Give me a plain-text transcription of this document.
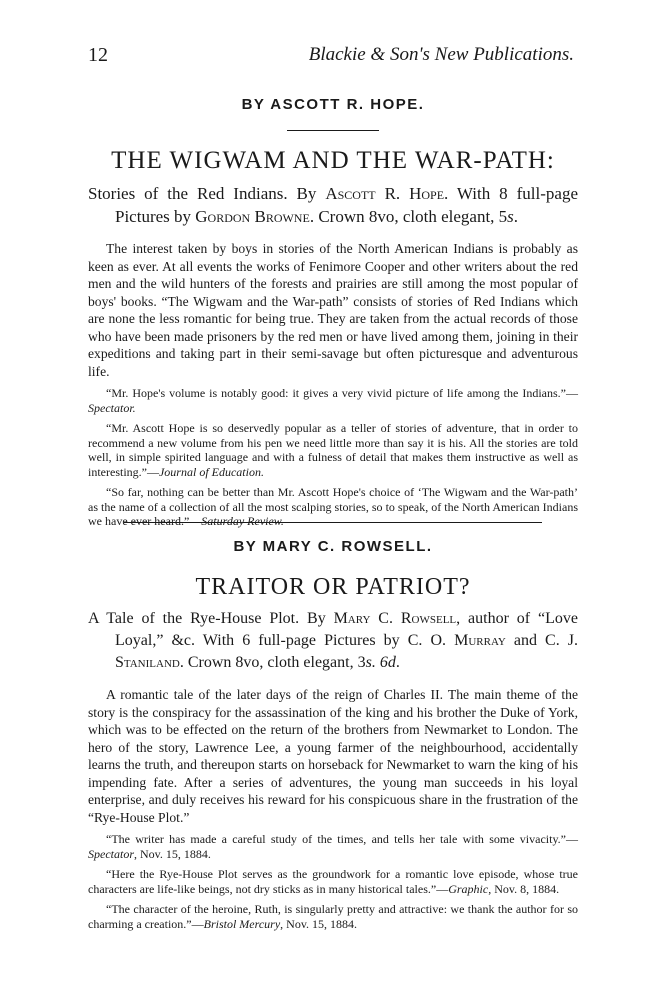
12	Blackie & Son's New Publications.

BY ASCOTT R. HOPE.

THE WIGWAM AND THE WAR-PATH:

Stories of the Red Indians. By Ascott R. Hope. With 8 full-page Pictures by Gordon Browne. Crown 8vo, cloth elegant, 5s.

The interest taken by boys in stories of the North American Indians is probably as keen as ever. At all events the works of Fenimore Cooper and other writers about the red men and the wild hunters of the forests and prairies are still among the most popular of boys' books. “The Wigwam and the War-path” consists of stories of Red Indians which are none the less romantic for being true. They are taken from the actual records of those who have been made prisoners by the red men or have lived among them, joining in their expeditions and taking part in their semi-savage but often picturesque and adventurous life.

“Mr. Hope's volume is notably good: it gives a very vivid picture of life among the Indians.”—Spectator.

“Mr. Ascott Hope is so deservedly popular as a teller of stories of adventure, that in order to recommend a new volume from his pen we need little more than say it is his. All the stories are told well, in simple spirited language and with a fulness of detail that makes them instructive as well as interesting.”—Journal of Education.

“So far, nothing can be better than Mr. Ascott Hope's choice of ‘The Wigwam and the War-path’ as the name of a collection of all the most scalping stories, so to speak, of the North American Indians we have ever heard.”—Saturday Review.

BY MARY C. ROWSELL.

TRAITOR OR PATRIOT?

A Tale of the Rye-House Plot. By Mary C. Rowsell, author of “Love Loyal,” &c. With 6 full-page Pictures by C. O. Murray and C. J. Staniland. Crown 8vo, cloth elegant, 3s. 6d.

A romantic tale of the later days of the reign of Charles II. The main theme of the story is the conspiracy for the assassination of the king and his brother the Duke of York, which was to be effected on the return of the brothers from Newmarket to London. The hero of the story, Lawrence Lee, a young farmer of the neighbourhood, accidentally learns the truth, and thereupon starts on horseback for Newmarket to warn the king of his impending fate. After a series of adventures, the young man succeeds in his loyal enterprise, and duly receives his reward for his conspicuous share in the frustration of the “Rye-House Plot.”

“The writer has made a careful study of the times, and tells her tale with some vivacity.”—Spectator, Nov. 15, 1884.

“Here the Rye-House Plot serves as the groundwork for a romantic love episode, whose true characters are life-like beings, not dry sticks as in many historical tales.”—Graphic, Nov. 8, 1884.

“The character of the heroine, Ruth, is singularly pretty and attractive: we thank the author for so charming a creation.”—Bristol Mercury, Nov. 15, 1884.
